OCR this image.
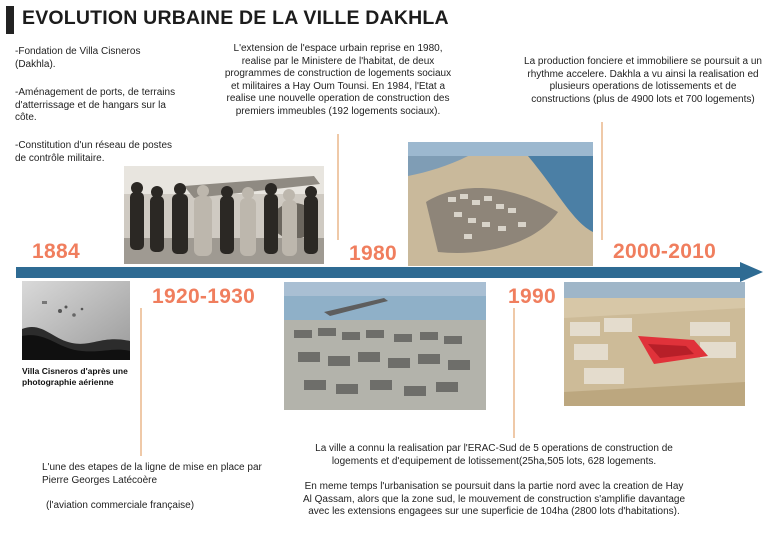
EVOLUTION URBAINE DE LA VILLE DAKHLA
1884
1920-1930
1980
1990
2000-2010
-Fondation de Villa Cisneros (Dakhla).
-Aménagement de ports, de terrains d'atterrissage et de hangars sur la côte.
-Constitution d'un réseau de postes de contrôle militaire.
L'extension de l'espace urbain reprise en 1980, realise par le Ministere de l'habitat, de deux programmes de construction de logements sociaux et militaires a Hay Oum Tounsi. En 1984, l'Etat a realise une nouvelle operation de construction des premiers immeubles (192 logements sociaux).
La production fonciere et immobiliere se poursuit a un rhythme accelere. Dakhla a vu ainsi la realisation ed plusieurs operations de lotissements et de constructions (plus de 4900 lots et 700 logements)
L'une des etapes de la ligne de mise en place par Pierre Georges Latécoère
(l'aviation commerciale française)
La ville a connu la realisation par l'ERAC-Sud de 5 operations de construction de logements et d'equipement de lotissement(25ha,505 lots, 628 logements.
En meme temps l'urbanisation se poursuit dans la partie nord avec la creation de Hay Al Qassam, alors que la zone sud, le mouvement de construction s'amplifie davantage avec les extensions engagees sur une superficie de 104ha (2800 lots d'habitations).
Villa Cisneros d'après une photographie aérienne
